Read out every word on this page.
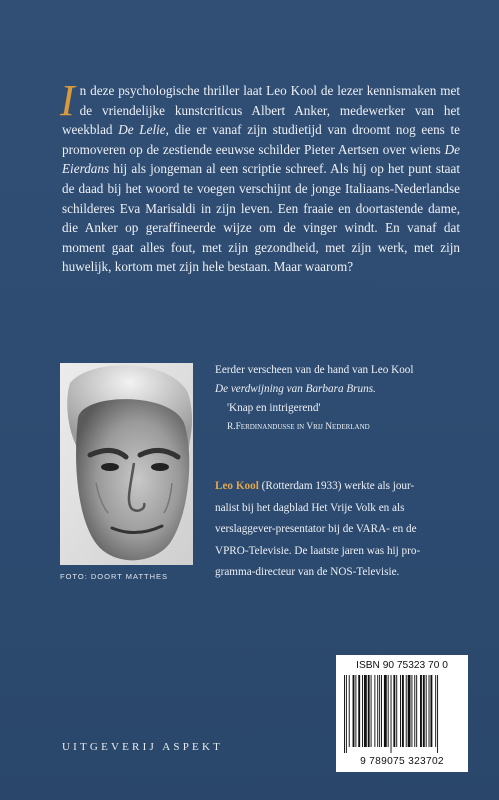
In deze psychologische thriller laat Leo Kool de lezer kennismaken met de vriendelijke kunstcriticus Albert Anker, medewerker van het weekblad De Lelie, die er vanaf zijn studietijd van droomt nog eens te promoveren op de zestiende eeuwse schilder Pieter Aertsen over wiens De Eierdans hij als jongeman al een scriptie schreef. Als hij op het punt staat de daad bij het woord te voegen verschijnt de jonge Italiaans-Nederlandse schilderes Eva Marisaldi in zijn leven. Een fraaie en doortastende dame, die Anker op geraffineerde wijze om de vinger windt. En vanaf dat moment gaat alles fout, met zijn gezondheid, met zijn werk, met zijn huwelijk, kortom met zijn hele bestaan. Maar waarom?

FOTO: DOORT MATTHES
Eerder verscheen van de hand van Leo Kool
De verdwijning van Barbara Bruns.
'Knap en intrigerend'
R.Ferdinandusse in Vrij Nederland
Leo Kool (Rotterdam 1933) werkte als jour-
nalist bij het dagblad Het Vrije Volk en als
verslaggever-presentator bij de VARA- en de
VPRO-Televisie. De laatste jaren was hij pro-
gramma-directeur van de NOS-Televisie.
ISBN 90 75323 70 0
9 789075 323702
UITGEVERIJ ASPEKT
